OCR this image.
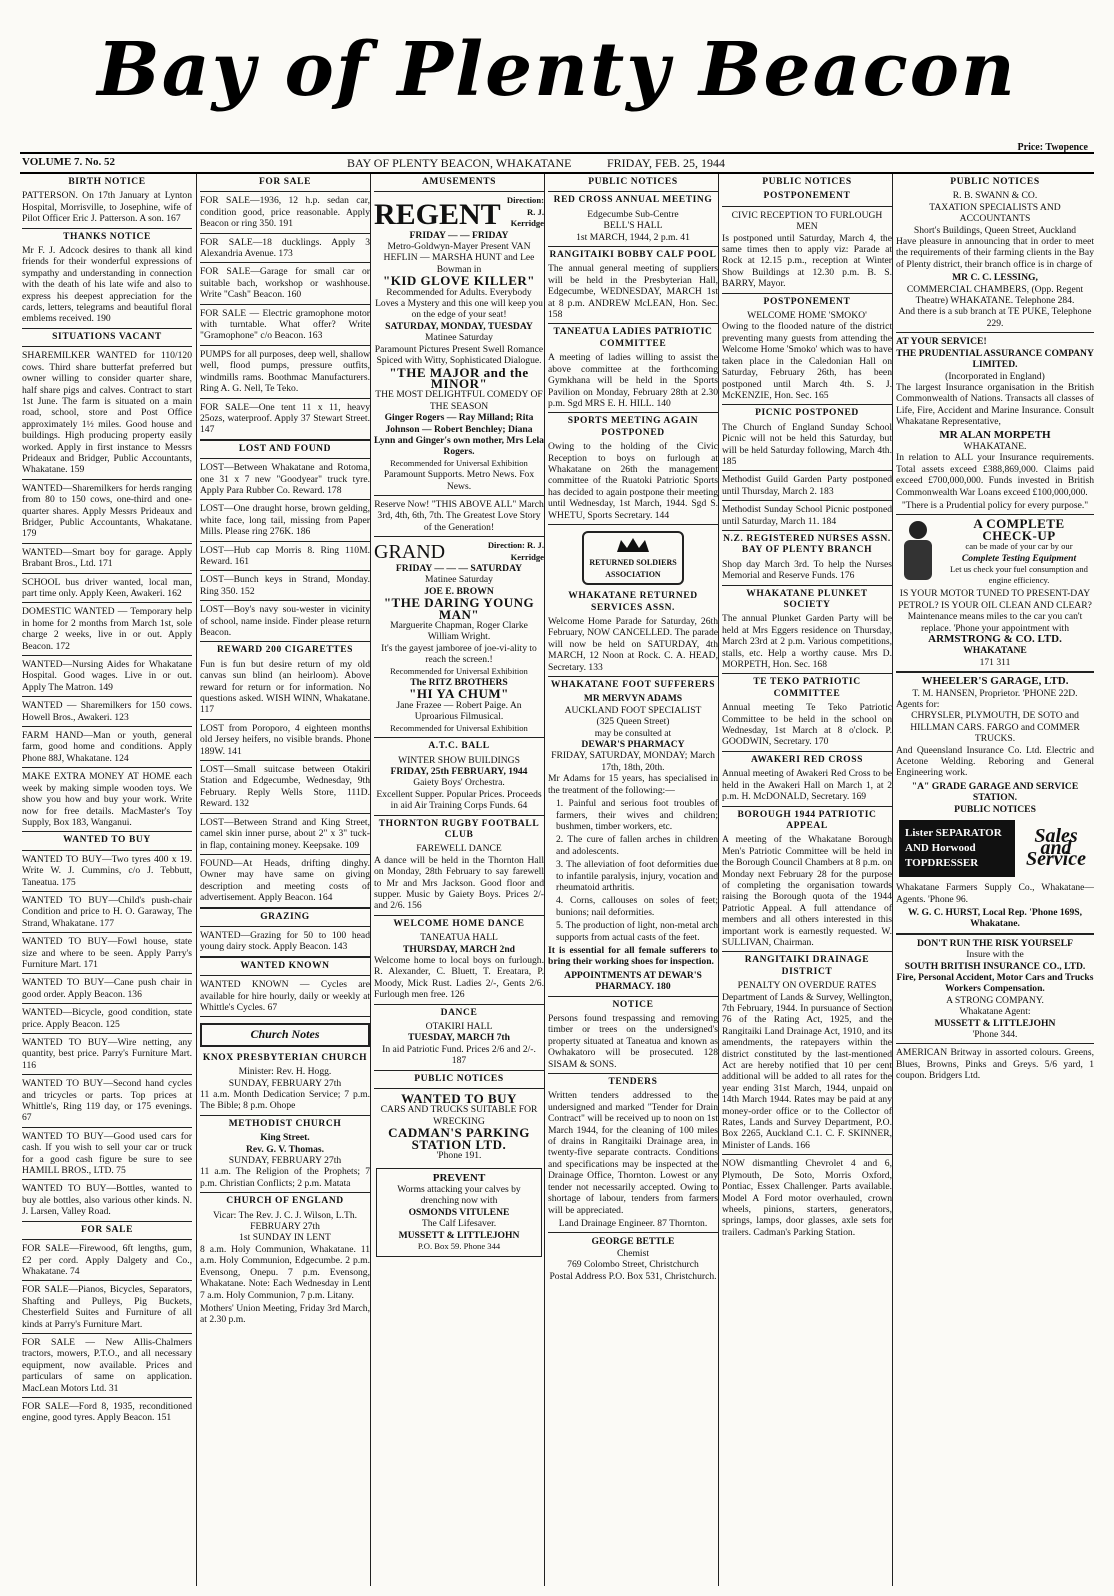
Bay of Plenty Beacon
Price: Twopence
VOLUME 7. No. 52	BAY OF PLENTY BEACON, WHAKATANE	FRIDAY, FEB. 25, 1944
BIRTH NOTICE
PATTERSON. On 17th January at Lynton Hospital, Morrisville, to Josephine, wife of Pilot Officer Eric J. Patterson. A son. 167
THANKS NOTICE
Mr F. J. Adcock desires to thank all kind friends for their wonderful expressions of sympathy and understanding in connection with the death of his late wife and also to express his deepest appreciation for the cards, letters, telegrams and beautiful floral emblems received. 190
SITUATIONS VACANT
SHAREMILKER WANTED for 110/120 cows. Third share butterfat preferred but owner willing to consider quarter share, half share pigs and calves. Contract to start 1st June. The farm is situated on a main road, school, store and Post Office approximately 1½ miles. Good house and buildings. High producing property easily worked. Apply in first instance to Messrs Prideaux and Bridger, Public Accountants, Whakatane. 159
WANTED—Sharemilkers for herds ranging from 80 to 150 cows, one-third and one-quarter shares. Apply Messrs Prideaux and Bridger, Public Accountants, Whakatane. 179
WANTED—Smart boy for garage. Apply Brabant Bros., Ltd. 171
SCHOOL bus driver wanted, local man, part time only. Apply Keen, Awakeri. 162
DOMESTIC WANTED — Temporary help in home for 2 months from March 1st, sole charge 2 weeks, live in or out. Apply Beacon. 172
WANTED—Nursing Aides for Whakatane Hospital. Good wages. Live in or out. Apply The Matron. 149
WANTED — Sharemilkers for 150 cows. Howell Bros., Awakeri. 123
FARM HAND—Man or youth, general farm, good home and conditions. Apply Phone 88J, Whakatane. 124
MAKE EXTRA MONEY AT HOME each week by making simple wooden toys. We show you how and buy your work. Write now for free details. MacMaster's Toy Supply, Box 183, Wanganui.
WANTED TO BUY
WANTED TO BUY—Two tyres 400 x 19. Write W. J. Cummins, c/o J. Tebbutt, Taneatua. 175
WANTED TO BUY—Child's push-chair Condition and price to H. O. Garaway, The Strand, Whakatane. 177
WANTED TO BUY—Fowl house, state size and where to be seen. Apply Parry's Furniture Mart. 171
WANTED TO BUY—Cane push chair in good order. Apply Beacon. 136
WANTED—Bicycle, good condition, state price. Apply Beacon. 125
WANTED TO BUY—Wire netting, any quantity, best price. Parry's Furniture Mart. 116
WANTED TO BUY—Second hand cycles and tricycles or parts. Top prices at Whittle's, Ring 119 day, or 175 evenings. 67
WANTED TO BUY—Good used cars for cash. If you wish to sell your car or truck for a good cash figure be sure to see HAMILL BROS., LTD. 75
WANTED TO BUY—Bottles, wanted to buy ale bottles, also various other kinds. N. J. Larsen, Valley Road.
FOR SALE
FOR SALE—Firewood, 6ft lengths, gum, £2 per cord. Apply Dalgety and Co., Whakatane. 74
FOR SALE—Pianos, Bicycles, Separators, Shafting and Pulleys, Pig Buckets, Chesterfield Suites and Furniture of all kinds at Parry's Furniture Mart.
FOR SALE — New Allis-Chalmers tractors, mowers, P.T.O., and all necessary equipment, now available. Prices and particulars of same on application. MacLean Motors Ltd. 31
FOR SALE—Ford 8, 1935, reconditioned engine, good tyres. Apply Beacon. 151
FOR SALE
FOR SALE—1936, 12 h.p. sedan car, condition good, price reasonable. Apply Beacon or ring 350. 191
FOR SALE—18 ducklings. Apply 3 Alexandria Avenue. 173
FOR SALE—Garage for small car or suitable bach, workshop or washhouse. Write "Cash" Beacon. 160
FOR SALE — Electric gramophone motor with turntable. What offer? Write "Gramophone" c/o Beacon. 163
PUMPS for all purposes, deep well, shallow well, flood pumps, pressure outfits, windmills rams. Boothmac Manufacturers. Ring A. G. Nell, Te Teko.
FOR SALE—One tent 11 x 11, heavy 25ozs, waterproof. Apply 37 Stewart Street. 147
LOST AND FOUND
LOST—Between Whakatane and Rotoma, one 31 x 7 new "Goodyear" truck tyre. Apply Para Rubber Co. Reward. 178
LOST—One draught horse, brown gelding, white face, long tail, missing from Paper Mills. Please ring 276K. 186
LOST—Hub cap Morris 8. Ring 110M. Reward. 161
LOST—Bunch keys in Strand, Monday. Ring 350. 152
LOST—Boy's navy sou-wester in vicinity of school, name inside. Finder please return Beacon.
REWARD 200 CIGARETTES
Fun is fun but desire return of my old canvas sun blind (an heirloom). Above reward for return or for information. No questions asked. WISH WINN, Whakatane. 117
LOST from Poroporo, 4 eighteen months old Jersey heifers, no visible brands. Phone 189W. 141
LOST—Small suitcase between Otakiri Station and Edgecumbe, Wednesday, 9th February. Reply Wells Store, 111D. Reward. 132
LOST—Between Strand and King Street, camel skin inner purse, about 2" x 3" tuck-in flap, containing money. Keepsake. 109
FOUND—At Heads, drifting dinghy. Owner may have same on giving description and meeting costs of advertisement. Apply Beacon. 164
GRAZING
WANTED—Grazing for 50 to 100 head young dairy stock. Apply Beacon. 143
WANTED KNOWN
WANTED KNOWN — Cycles are available for hire hourly, daily or weekly at Whittle's Cycles. 67
Church Notes
KNOX PRESBYTERIAN CHURCH
Minister: Rev. H. Hogg.
SUNDAY, FEBRUARY 27th
11 a.m. Month Dedication Service; 7 p.m. The Bible; 8 p.m. Ohope
METHODIST CHURCH
King Street.
Rev. G. V. Thomas.
SUNDAY, FEBRUARY 27th
11 a.m. The Religion of the Prophets; 7 p.m. Christian Conflicts; 2 p.m. Matata
CHURCH OF ENGLAND
Vicar: The Rev. J. C. J. Wilson, L.Th.
FEBRUARY 27th
1st SUNDAY IN LENT
8 a.m. Holy Communion, Whakatane. 11 a.m. Holy Communion, Edgecumbe. 2 p.m. Evensong, Onepu. 7 p.m. Evensong, Whakatane. Note: Each Wednesday in Lent 7 a.m. Holy Communion, 7 p.m. Litany.
Mothers' Union Meeting, Friday 3rd March, at 2.30 p.m.
AMUSEMENTS
REGENT Direction: R. J. Kerridge
FRIDAY — — FRIDAY
Metro-Goldwyn-Mayer Present VAN HEFLIN — MARSHA HUNT and Lee Bowman in
"KID GLOVE KILLER"
Recommended for Adults. Everybody Loves a Mystery and this one will keep you on the edge of your seat!
SATURDAY, MONDAY, TUESDAY
Matinee Saturday
Paramount Pictures Present Swell Romance Spiced with Witty, Sophisticated Dialogue.
"THE MAJOR and the MINOR"
THE MOST DELIGHTFUL COMEDY OF THE SEASON
Ginger Rogers — Ray Milland; Rita Johnson — Robert Benchley; Diana Lynn and Ginger's own mother, Mrs Lela Rogers.
Recommended for Universal Exhibition
Paramount Supports. Metro News. Fox News.
Reserve Now! "THIS ABOVE ALL" March 3rd, 4th, 6th, 7th. The Greatest Love Story of the Generation!
GRAND	Direction: R. J. Kerridge
FRIDAY — — — SATURDAY
Matinee Saturday
JOE E. BROWN
"THE DARING YOUNG MAN"
Marguerite Chapman, Roger Clarke William Wright.
It's the gayest jamboree of joe-vi-ality to reach the screen.!
Recommended for Universal Exhibition
The RITZ BROTHERS
"HI YA CHUM"
Jane Frazee — Robert Paige. An Uproarious Filmusical.
Recommended for Universal Exhibition
A.T.C. BALL
WINTER SHOW BUILDINGS
FRIDAY, 25th FEBRUARY, 1944
Gaiety Boys' Orchestra.
Excellent Supper. Popular Prices. Proceeds in aid Air Training Corps Funds. 64
THORNTON RUGBY FOOTBALL CLUB
FAREWELL DANCE
A dance will be held in the Thornton Hall on Monday, 28th February to say farewell to Mr and Mrs Jackson. Good floor and supper. Music by Gaiety Boys. Prices 2/- and 2/6. 156
WELCOME HOME DANCE
TANEATUA HALL
THURSDAY, MARCH 2nd
Welcome home to local boys on furlough. R. Alexander, C. Bluett, T. Ereatara, P. Moody, Mick Rust. Ladies 2/-, Gents 2/6. Furlough men free. 126
DANCE
OTAKIRI HALL
TUESDAY, MARCH 7th
In aid Patriotic Fund. Prices 2/6 and 2/-. 187
PUBLIC NOTICES
WANTED TO BUY
CARS AND TRUCKS SUITABLE FOR WRECKING
CADMAN'S PARKING STATION LTD.
'Phone 191.
PREVENT
Worms attacking your calves by drenching now with
OSMONDS VITULENE
The Calf Lifesaver.
MUSSETT & LITTLEJOHN
P.O. Box 59. Phone 344
PUBLIC NOTICES
RED CROSS ANNUAL MEETING
Edgecumbe Sub-Centre
BELL'S HALL
1st MARCH, 1944, 2 p.m. 41
RANGITAIKI BOBBY CALF POOL
The annual general meeting of suppliers will be held in the Presbyterian Hall, Edgecumbe, WEDNESDAY, MARCH 1st at 8 p.m. ANDREW McLEAN, Hon. Sec. 158
TANEATUA LADIES PATRIOTIC COMMITTEE
A meeting of ladies willing to assist the above committee at the forthcoming Gymkhana will be held in the Sports Pavilion on Monday, February 28th at 2.30 p.m. Sgd MRS E. H. HILL. 140
SPORTS MEETING AGAIN POSTPONED
Owing to the holding of the Civic Reception to boys on furlough at Whakatane on 26th the management committee of the Ruatoki Patriotic Sports has decided to again postpone their meeting until Wednesday, 1st March, 1944. Sgd S. WHETU, Sports Secretary. 144
RETURNED SOLDIERS ASSOCIATION
WHAKATANE RETURNED SERVICES ASSN.
Welcome Home Parade for Saturday, 26th February, NOW CANCELLED. The parade will now be held on SATURDAY, 4th MARCH, 12 Noon at Rock. C. A. HEAD, Secretary. 133
WHAKATANE FOOT SUFFERERS
MR MERVYN ADAMS
AUCKLAND FOOT SPECIALIST
(325 Queen Street)
may be consulted at
DEWAR'S PHARMACY
FRIDAY, SATURDAY, MONDAY; March 17th, 18th, 20th.
Mr Adams for 15 years, has specialised in the treatment of the following:—
1. Painful and serious foot troubles of farmers, their wives and children; bushmen, timber workers, etc.
2. The cure of fallen arches in children and adolescents.
3. The alleviation of foot deformities due to infantile paralysis, injury, vocation and rheumatoid arthritis.
4. Corns, callouses on soles of feet; bunions; nail deformities.
5. The production of light, non-metal arch supports from actual casts of the feet.
It is essential for all female sufferers to bring their working shoes for inspection.
APPOINTMENTS AT DEWAR'S PHARMACY. 180
NOTICE
Persons found trespassing and removing timber or trees on the undersigned's property situated at Taneatua and known as Owhakatoro will be prosecuted. 128 SISAM & SONS.
TENDERS
Written tenders addressed to the undersigned and marked "Tender for Drain Contract" will be received up to noon on 1st March 1944, for the cleaning of 100 miles of drains in Rangitaiki Drainage area, in twenty-five separate contracts. Conditions and specifications may be inspected at the Drainage Office, Thornton. Lowest or any tender not necessarily accepted. Owing to shortage of labour, tenders from farmers will be appreciated.
Land Drainage Engineer. 87 Thornton.
GEORGE BETTLE
Chemist
769 Colombo Street, Christchurch
Postal Address P.O. Box 531, Christchurch.
PUBLIC NOTICES
POSTPONEMENT
CIVIC RECEPTION TO FURLOUGH MEN
Is postponed until Saturday, March 4, the same times then to apply viz: Parade at Rock at 12.15 p.m., reception at Winter Show Buildings at 12.30 p.m. B. S. BARRY, Mayor.
POSTPONEMENT
WELCOME HOME 'SMOKO'
Owing to the flooded nature of the district preventing many guests from attending the Welcome Home 'Smoko' which was to have taken place in the Caledonian Hall on Saturday, February 26th, has been postponed until March 4th. S. J. McKENZIE, Hon. Sec. 165
PICNIC POSTPONED
The Church of England Sunday School Picnic will not be held this Saturday, but will be held Saturday following, March 4th. 185
Methodist Guild Garden Party postponed until Thursday, March 2. 183
Methodist Sunday School Picnic postponed until Saturday, March 11. 184
N.Z. REGISTERED NURSES ASSN. BAY OF PLENTY BRANCH
Shop day March 3rd. To help the Nurses Memorial and Reserve Funds. 176
WHAKATANE PLUNKET SOCIETY
The annual Plunket Garden Party will be held at Mrs Eggers residence on Thursday, March 23rd at 2 p.m. Various competitions, stalls, etc. Help a worthy cause. Mrs D. MORPETH, Hon. Sec. 168
TE TEKO PATRIOTIC COMMITTEE
Annual meeting Te Teko Patriotic Committee to be held in the school on Wednesday, 1st March at 8 o'clock. P. GOODWIN, Secretary. 170
AWAKERI RED CROSS
Annual meeting of Awakeri Red Cross to be held in the Awakeri Hall on March 1, at 2 p.m. H. McDONALD, Secretary. 169
BOROUGH 1944 PATRIOTIC APPEAL
A meeting of the Whakatane Borough Men's Patriotic Committee will be held in the Borough Council Chambers at 8 p.m. on Monday next February 28 for the purpose of completing the organisation towards raising the Borough quota of the 1944 Patriotic Appeal. A full attendance of members and all others interested in this important work is earnestly requested. W. SULLIVAN, Chairman.
RANGITAIKI DRAINAGE DISTRICT
PENALTY ON OVERDUE RATES
Department of Lands & Survey, Wellington, 7th February, 1944. In pursuance of Section 76 of the Rating Act, 1925, and the Rangitaiki Land Drainage Act, 1910, and its amendments, the ratepayers within the district constituted by the last-mentioned Act are hereby notified that 10 per cent additional will be added to all rates for the year ending 31st March, 1944, unpaid on 14th March 1944. Rates may be paid at any money-order office or to the Collector of Rates, Lands and Survey Department, P.O. Box 2265, Auckland C.1. C. F. SKINNER, Minister of Lands. 166
NOW dismantling Chevrolet 4 and 6, Plymouth, De Soto, Morris Oxford, Pontiac, Essex Challenger. Parts available. Model A Ford motor overhauled, crown wheels, pinions, starters, generators, springs, lamps, door glasses, axle sets for trailers. Cadman's Parking Station.
PUBLIC NOTICES
R. B. SWANN & CO.
TAXATION SPECIALISTS AND ACCOUNTANTS
Short's Buildings, Queen Street, Auckland
Have pleasure in announcing that in order to meet the requirements of their farming clients in the Bay of Plenty district, their branch office is in charge of
MR C. C. LESSING,
COMMERCIAL CHAMBERS, (Opp. Regent Theatre) WHAKATANE. Telephone 284.
And there is a sub branch at TE PUKE, Telephone 229.
AT YOUR SERVICE!
THE PRUDENTIAL ASSURANCE COMPANY LIMITED.
(Incorporated in England)
The largest Insurance organisation in the British Commonwealth of Nations. Transacts all classes of Life, Fire, Accident and Marine Insurance. Consult Whakatane Representative,
MR ALAN MORPETH
WHAKATANE.
In relation to ALL your Insurance requirements. Total assets exceed £388,869,000. Claims paid exceed £700,000,000. Funds invested in British Commonwealth War Loans exceed £100,000,000.
"There is a Prudential policy for every purpose."
A COMPLETE CHECK-UP
can be made of your car by our
Complete Testing Equipment
Let us check your fuel consumption and engine efficiency.
IS YOUR MOTOR TUNED TO PRESENT-DAY PETROL? IS YOUR OIL CLEAN AND CLEAR?
Maintenance means miles to the car you can't replace. 'Phone your appointment with
ARMSTRONG & CO. LTD.
WHAKATANE
171 311
WHEELER'S GARAGE, LTD.
T. M. HANSEN, Proprietor. 'PHONE 22D.
Agents for:
CHRYSLER, PLYMOUTH, DE SOTO and HILLMAN CARS. FARGO and COMMER TRUCKS.
And Queensland Insurance Co. Ltd. Electric and Acetone Welding. Reboring and General Engineering work.
"A" GRADE GARAGE AND SERVICE STATION.
PUBLIC NOTICES
Lister SEPARATOR AND Horwood TOPDRESSER
Sales and Service
Whakatane Farmers Supply Co., Whakatane—Agents. 'Phone 96.
W. G. C. HURST, Local Rep. 'Phone 169S, Whakatane.
DON'T RUN THE RISK YOURSELF
Insure with the
SOUTH BRITISH INSURANCE CO., LTD.
Fire, Personal Accident, Motor Cars and Trucks Workers Compensation.
A STRONG COMPANY.
Whakatane Agent:
MUSSETT & LITTLEJOHN
'Phone 344.
AMERICAN Britway in assorted colours. Greens, Blues, Browns, Pinks and Greys. 5/6 yard, 1 coupon. Bridgers Ltd.
